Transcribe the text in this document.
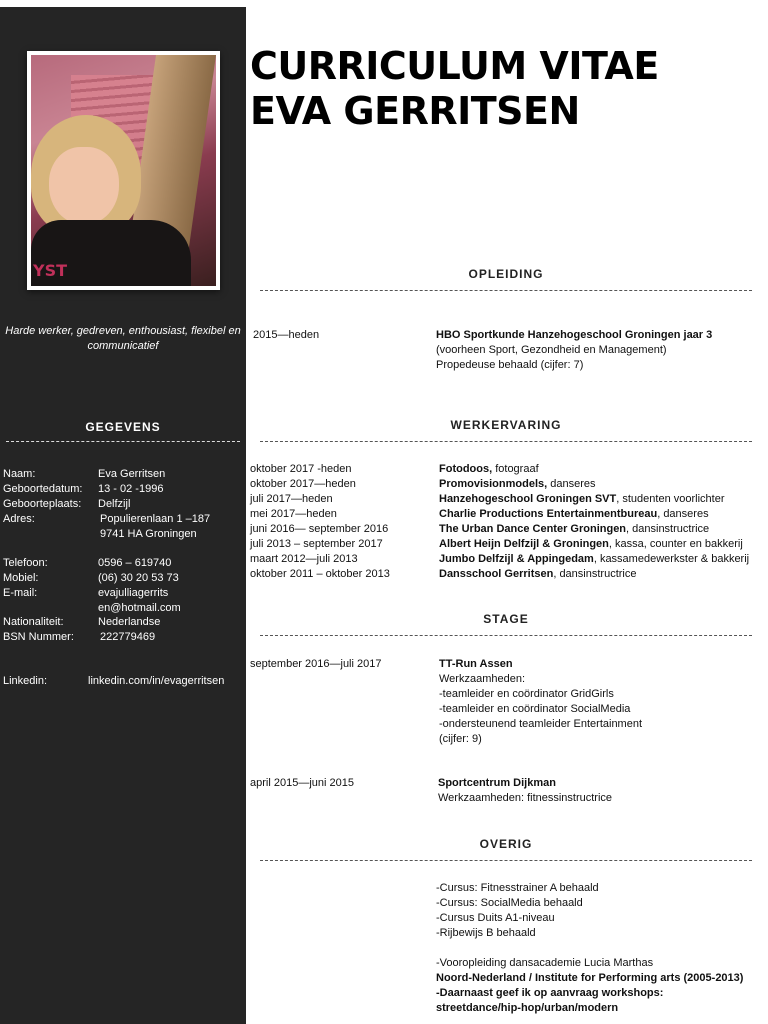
YST
Harde werker, gedreven, enthousiast, flexibel en communicatief
GEGEVENS
Naam:	Eva Gerritsen
Geboortedatum: 13 - 02 -1996
Geboorteplaats: Delfzijl
Adres:	Populierenlaan 1 –187
9741 HA Groningen
Telefoon:	0596 – 619740
Mobiel:	(06) 30 20 53 73
E-mail:	evajulliagerrits
en@hotmail.com
Nationaliteit:	Nederlandse
BSN Nummer: 222779469
Linkedin:	linkedin.com/in/evagerritsen
CURRICULUM VITAE
EVA GERRITSEN
OPLEIDING
2015—heden	HBO Sportkunde Hanzehogeschool Groningen jaar 3
(voorheen Sport, Gezondheid en Management)
Propedeuse behaald (cijfer: 7)
WERKERVARING
oktober 2017 -heden	Fotodoos, fotograaf
oktober 2017—heden	Promovisionmodels, danseres
juli 2017—heden	Hanzehogeschool Groningen SVT, studenten voorlichter
mei 2017—heden	Charlie Productions Entertainmentbureau, danseres
juni 2016— september 2016	The Urban Dance Center Groningen, dansinstructrice
juli 2013 – september 2017	Albert Heijn Delfzijl & Groningen, kassa, counter en bakkerij
maart 2012—juli 2013	Jumbo Delfzijl & Appingedam, kassamedewerkster & bakkerij
oktober 2011 – oktober 2013	Dansschool Gerritsen, dansinstructrice
STAGE
september 2016—juli 2017	TT-Run Assen
Werkzaamheden:
-teamleider en coördinator GridGirls
-teamleider en coördinator SocialMedia
-ondersteunend teamleider Entertainment
(cijfer: 9)
april 2015—juni 2015	Sportcentrum Dijkman
Werkzaamheden: fitnessinstructrice
OVERIG
-Cursus: Fitnesstrainer A behaald
-Cursus: SocialMedia behaald
-Cursus Duits A1-niveau
-Rijbewijs B behaald
-Vooropleiding dansacademie Lucia Marthas
Noord-Nederland / Institute for Performing arts (2005-2013)
-Daarnaast geef ik op aanvraag workshops:
streetdance/hip-hop/urban/modern
